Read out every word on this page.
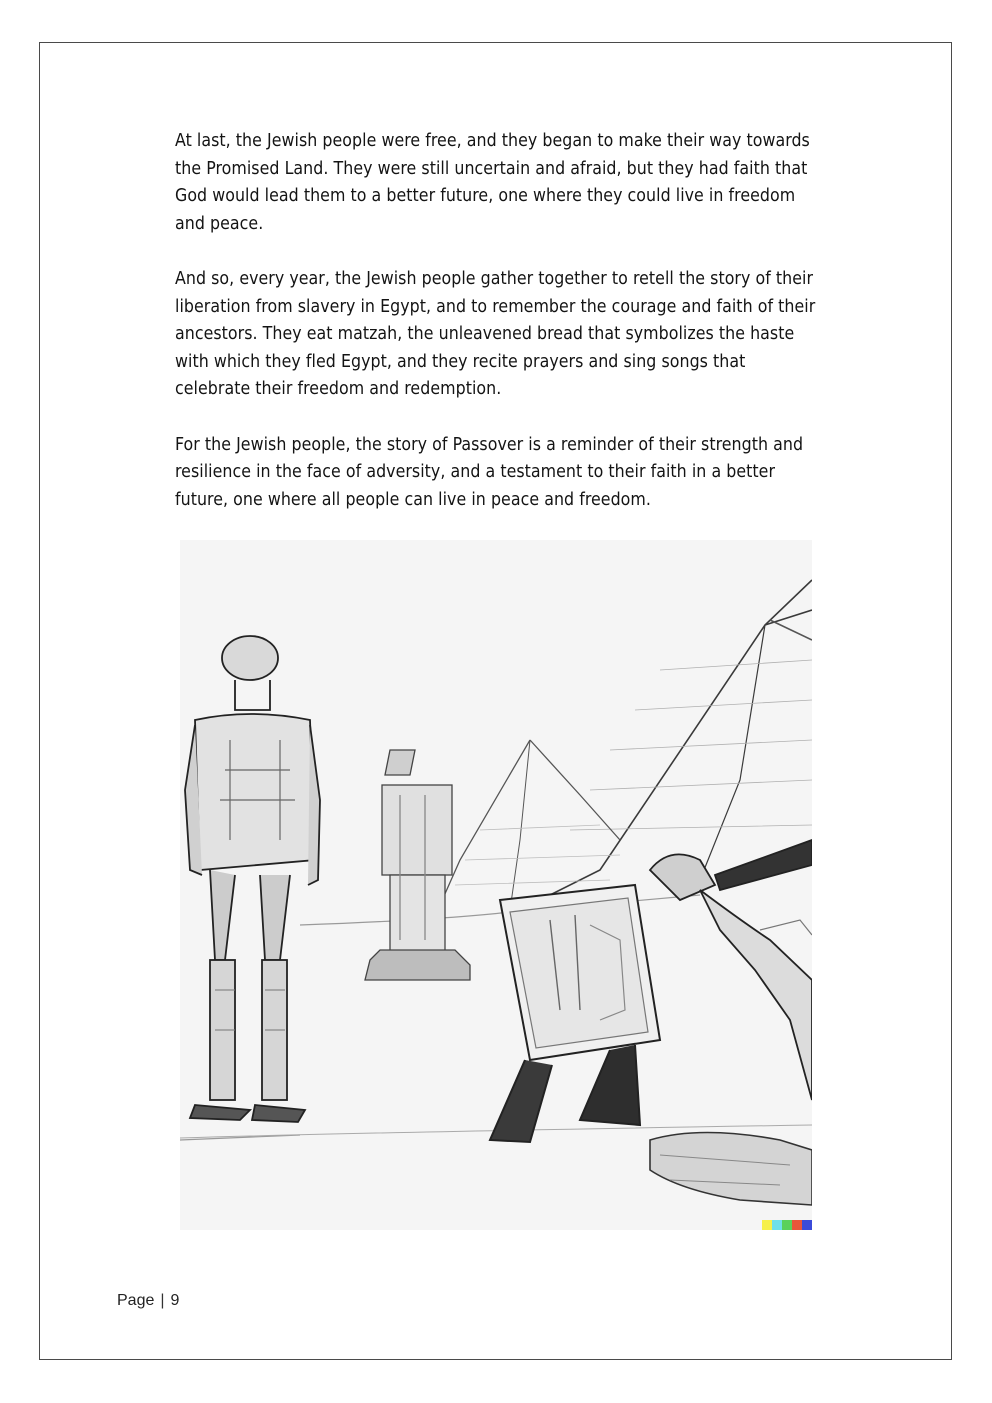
At last, the Jewish people were free, and they began to make their way towards
the Promised Land. They were still uncertain and afraid, but they had faith that
God would lead them to a better future, one where they could live in freedom
and peace.

And so, every year, the Jewish people gather together to retell the story of their
liberation from slavery in Egypt, and to remember the courage and faith of their
ancestors. They eat matzah, the unleavened bread that symbolizes the haste
with which they fled Egypt, and they recite prayers and sing songs that
celebrate their freedom and redemption.

For the Jewish people, the story of Passover is a reminder of their strength and
resilience in the face of adversity, and a testament to their faith in a better
future, one where all people can live in peace and freedom.

Page | 9
